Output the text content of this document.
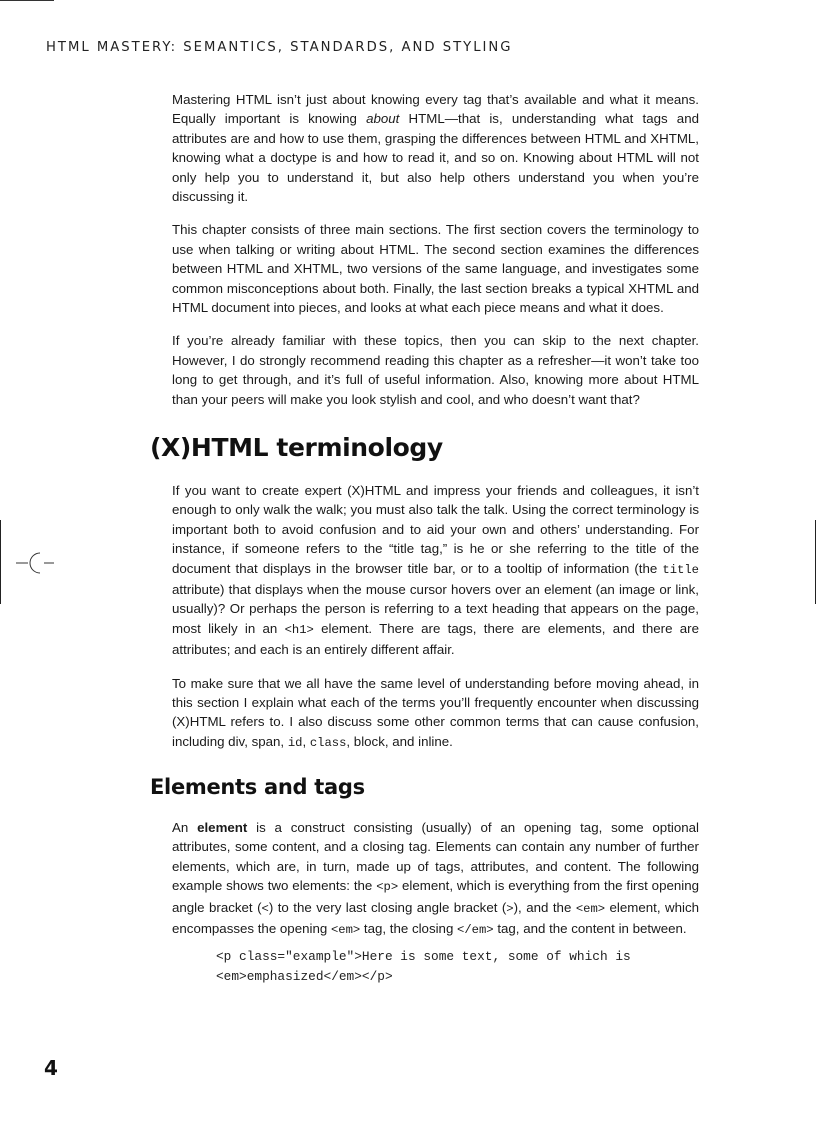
HTML MASTERY: SEMANTICS, STANDARDS, AND STYLING

Mastering HTML isn’t just about knowing every tag that’s available and what it means. Equally important is knowing about HTML—that is, understanding what tags and attributes are and how to use them, grasping the differences between HTML and XHTML, knowing what a doctype is and how to read it, and so on. Knowing about HTML will not only help you to understand it, but also help others understand you when you’re discussing it.

This chapter consists of three main sections. The first section covers the terminology to use when talking or writing about HTML. The second section examines the differences between HTML and XHTML, two versions of the same language, and investigates some common misconceptions about both. Finally, the last section breaks a typical XHTML and HTML document into pieces, and looks at what each piece means and what it does.

If you’re already familiar with these topics, then you can skip to the next chapter. However, I do strongly recommend reading this chapter as a refresher—it won’t take too long to get through, and it’s full of useful information. Also, knowing more about HTML than your peers will make you look stylish and cool, and who doesn’t want that?

(X)HTML terminology

If you want to create expert (X)HTML and impress your friends and colleagues, it isn’t enough to only walk the walk; you must also talk the talk. Using the correct terminology is important both to avoid confusion and to aid your own and others’ understanding. For instance, if someone refers to the “title tag,” is he or she referring to the title of the document that displays in the browser title bar, or to a tooltip of information (the title attribute) that displays when the mouse cursor hovers over an element (an image or link, usually)? Or perhaps the person is referring to a text heading that appears on the page, most likely in an <h1> element. There are tags, there are elements, and there are attributes; and each is an entirely different affair.

To make sure that we all have the same level of understanding before moving ahead, in this section I explain what each of the terms you’ll frequently encounter when discussing (X)HTML refers to. I also discuss some other common terms that can cause confusion, including div, span, id, class, block, and inline.

Elements and tags

An element is a construct consisting (usually) of an opening tag, some optional attributes, some content, and a closing tag. Elements can contain any number of further elements, which are, in turn, made up of tags, attributes, and content. The following example shows two elements: the <p> element, which is everything from the first opening angle bracket (<) to the very last closing angle bracket (>), and the <em> element, which encompasses the opening <em> tag, the closing </em> tag, and the content in between.

<p class="example">Here is some text, some of which is
<em>emphasized</em></p>
4
